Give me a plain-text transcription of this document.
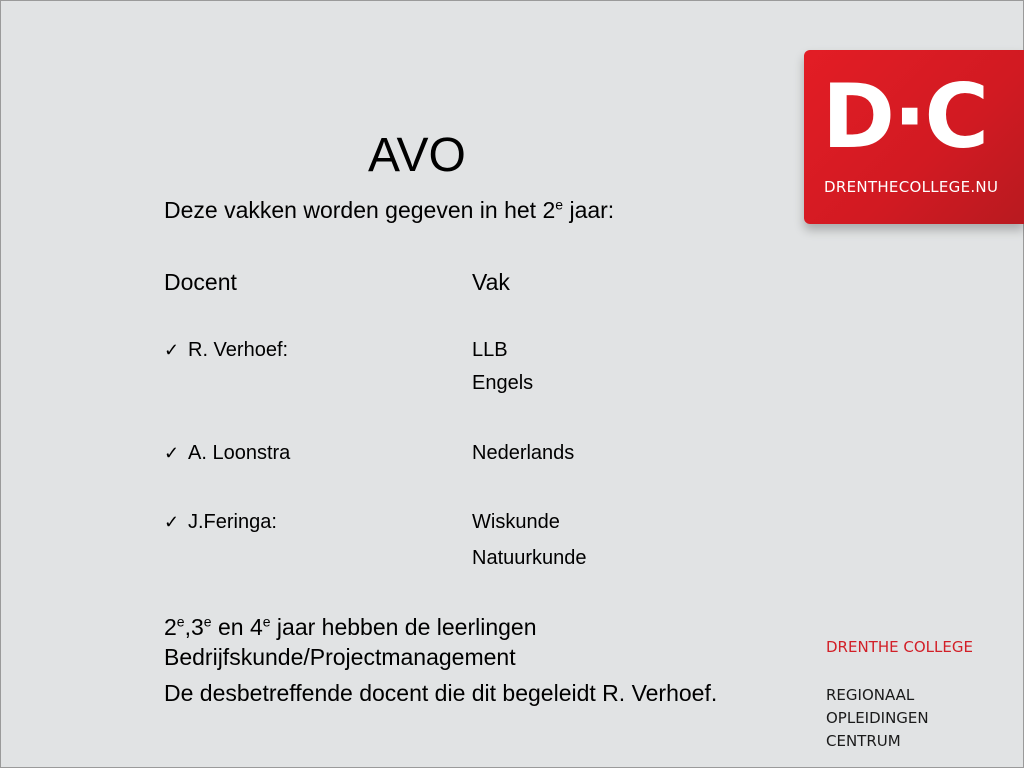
D·C
DRENTHECOLLEGE.NU
AVO
Deze vakken worden gegeven in het 2e jaar:
Docent	Vak
✓ R. Verhoef:	LLB
Engels
✓ A. Loonstra	Nederlands
✓ J.Feringa:	Wiskunde
Natuurkunde
2e,3e en 4e jaar hebben de leerlingen
Bedrijfskunde/Projectmanagement
De desbetreffende docent die dit begeleidt R. Verhoef.
DRENTHE COLLEGE
REGIONAAL
OPLEIDINGEN
CENTRUM
